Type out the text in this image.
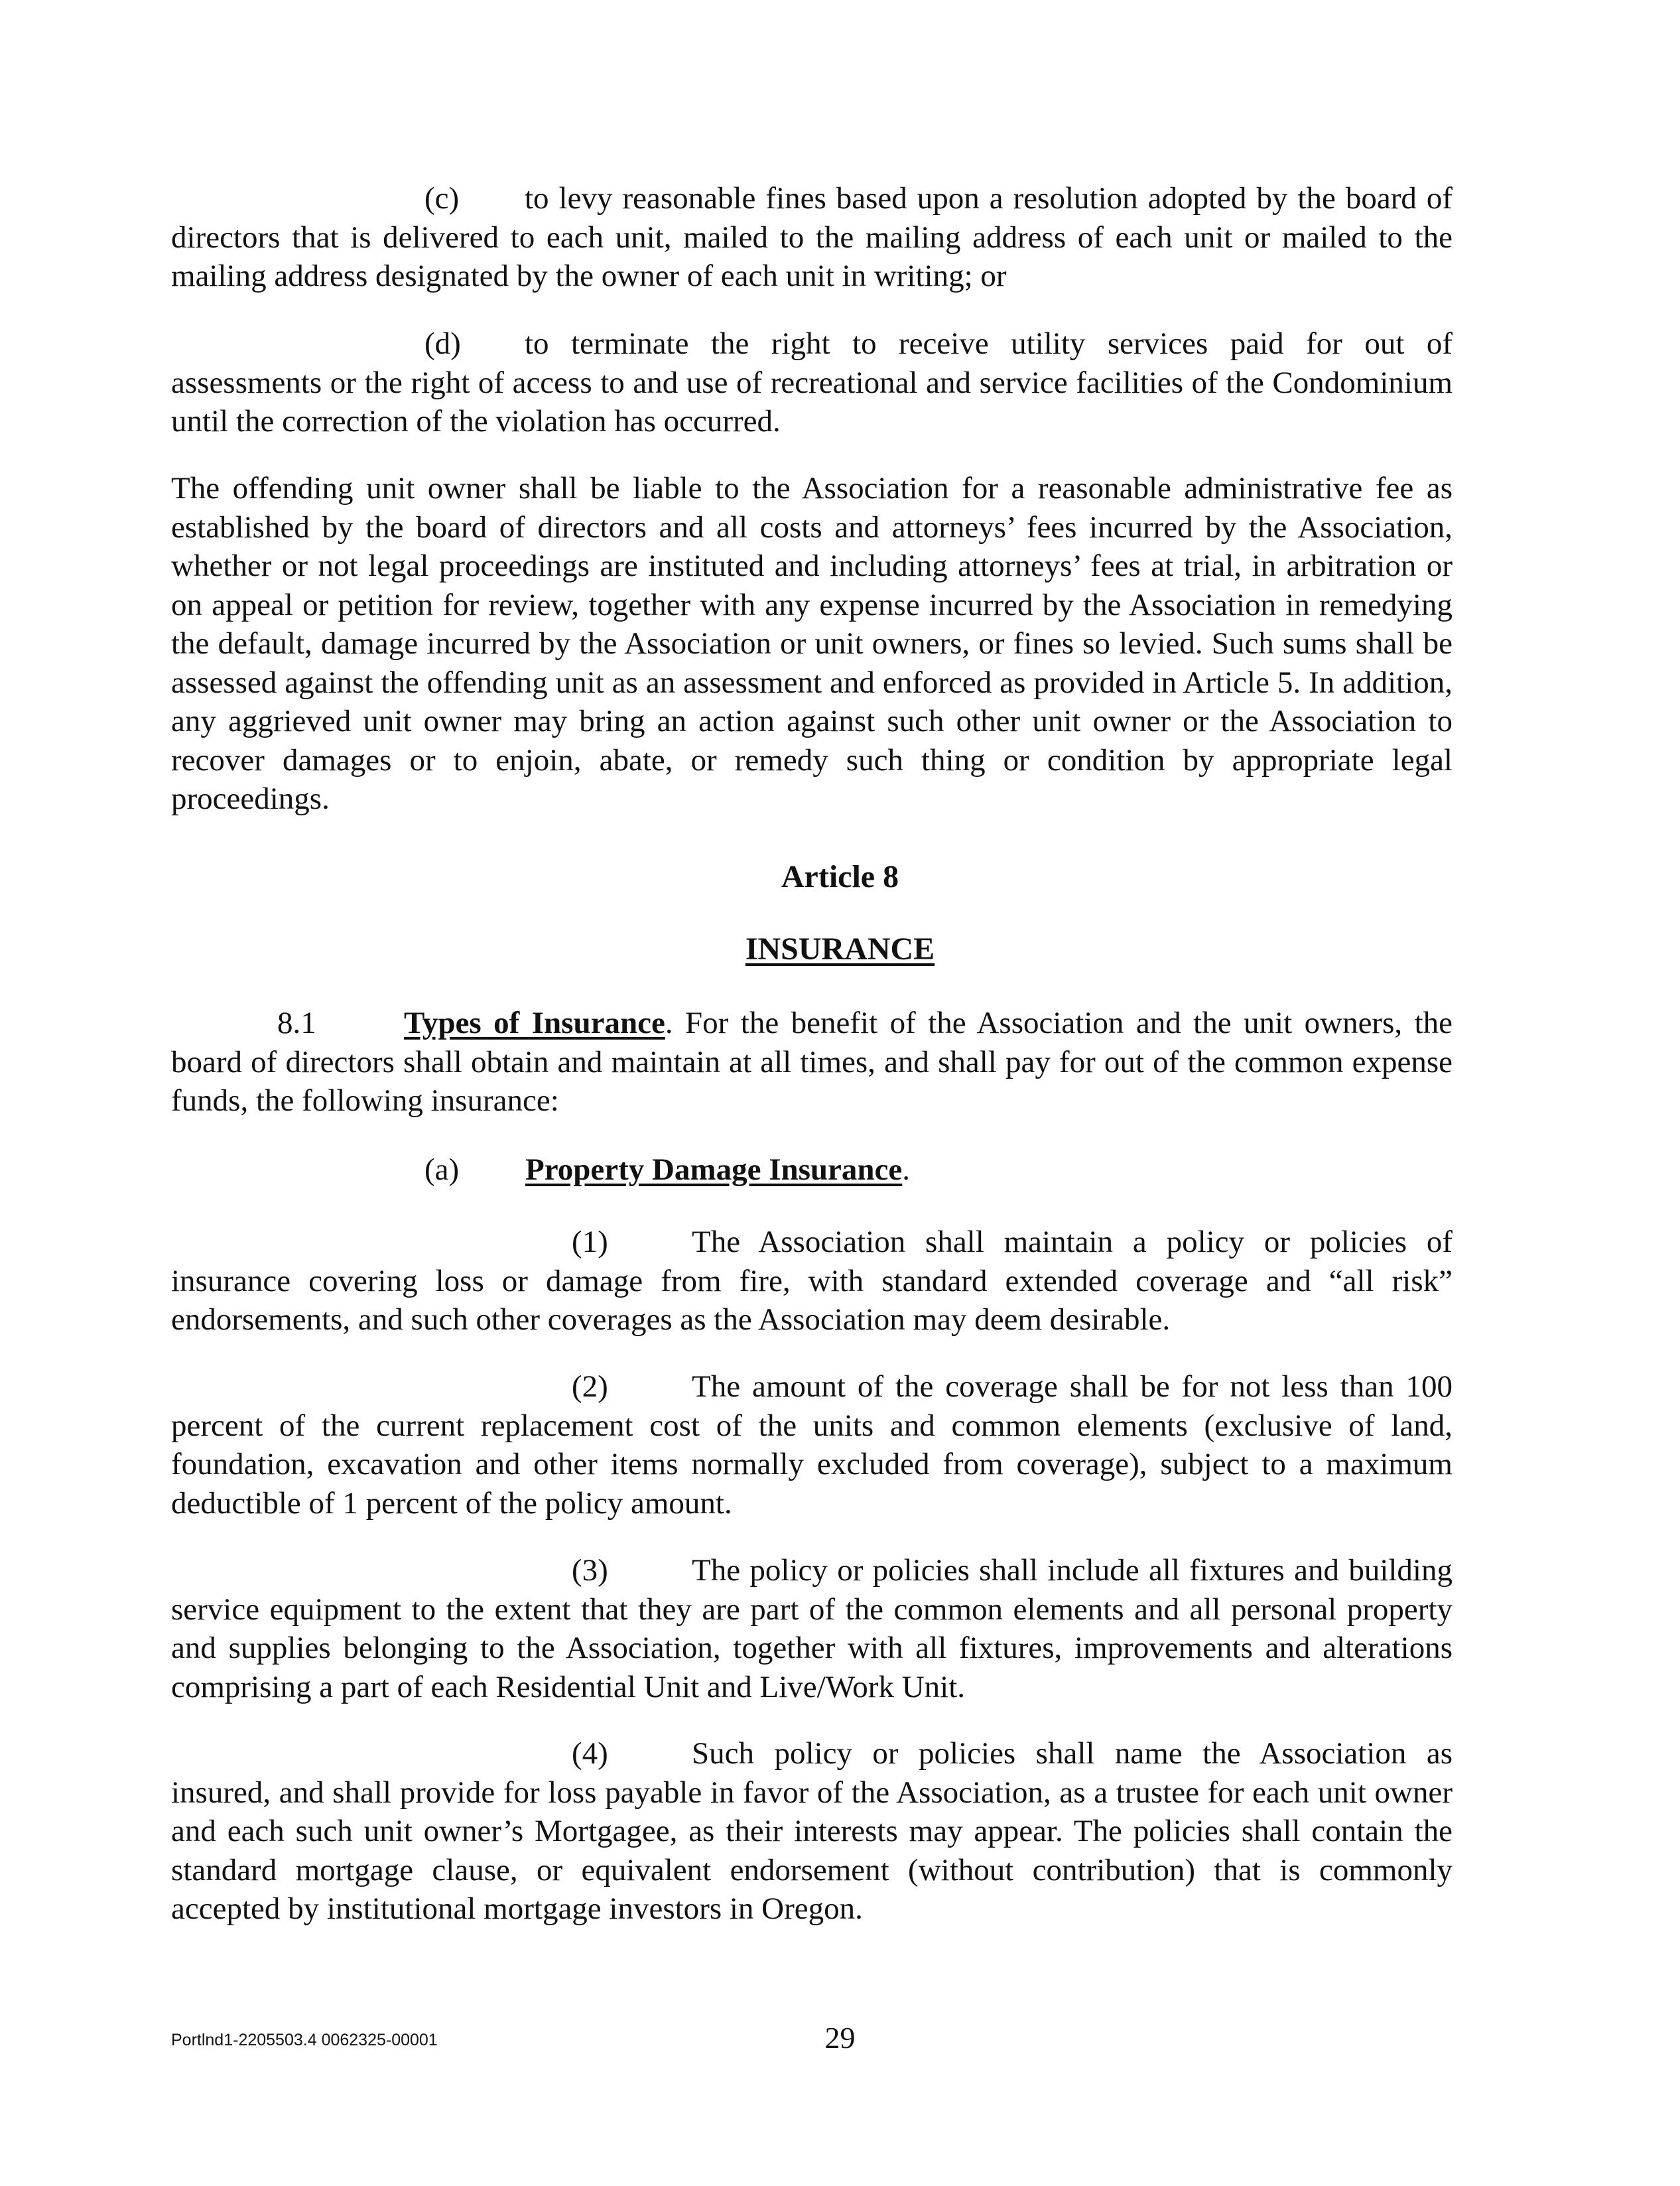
(c) to levy reasonable fines based upon a resolution adopted by the board of directors that is delivered to each unit, mailed to the mailing address of each unit or mailed to the mailing address designated by the owner of each unit in writing; or

(d) to terminate the right to receive utility services paid for out of assessments or the right of access to and use of recreational and service facilities of the Condominium until the correction of the violation has occurred.

The offending unit owner shall be liable to the Association for a reasonable administrative fee as established by the board of directors and all costs and attorneys’ fees incurred by the Association, whether or not legal proceedings are instituted and including attorneys’ fees at trial, in arbitration or on appeal or petition for review, together with any expense incurred by the Association in remedying the default, damage incurred by the Association or unit owners, or fines so levied. Such sums shall be assessed against the offending unit as an assessment and enforced as provided in Article 5. In addition, any aggrieved unit owner may bring an action against such other unit owner or the Association to recover damages or to enjoin, abate, or remedy such thing or condition by appropriate legal proceedings.

Article 8

INSURANCE

8.1	Types of Insurance. For the benefit of the Association and the unit owners, the board of directors shall obtain and maintain at all times, and shall pay for out of the common expense funds, the following insurance:

(a) Property Damage Insurance.

(1)	The Association shall maintain a policy or policies of insurance covering loss or damage from fire, with standard extended coverage and “all risk” endorsements, and such other coverages as the Association may deem desirable.

(2)	The amount of the coverage shall be for not less than 100 percent of the current replacement cost of the units and common elements (exclusive of land, foundation, excavation and other items normally excluded from coverage), subject to a maximum deductible of 1 percent of the policy amount.

(3)	The policy or policies shall include all fixtures and building service equipment to the extent that they are part of the common elements and all personal property and supplies belonging to the Association, together with all fixtures, improvements and alterations comprising a part of each Residential Unit and Live/Work Unit.

(4)	Such policy or policies shall name the Association as insured, and shall provide for loss payable in favor of the Association, as a trustee for each unit owner and each such unit owner’s Mortgagee, as their interests may appear. The policies shall contain the standard mortgage clause, or equivalent endorsement (without contribution) that is commonly accepted by institutional mortgage investors in Oregon.

Portlnd1-2205503.4 0062325-00001	29
